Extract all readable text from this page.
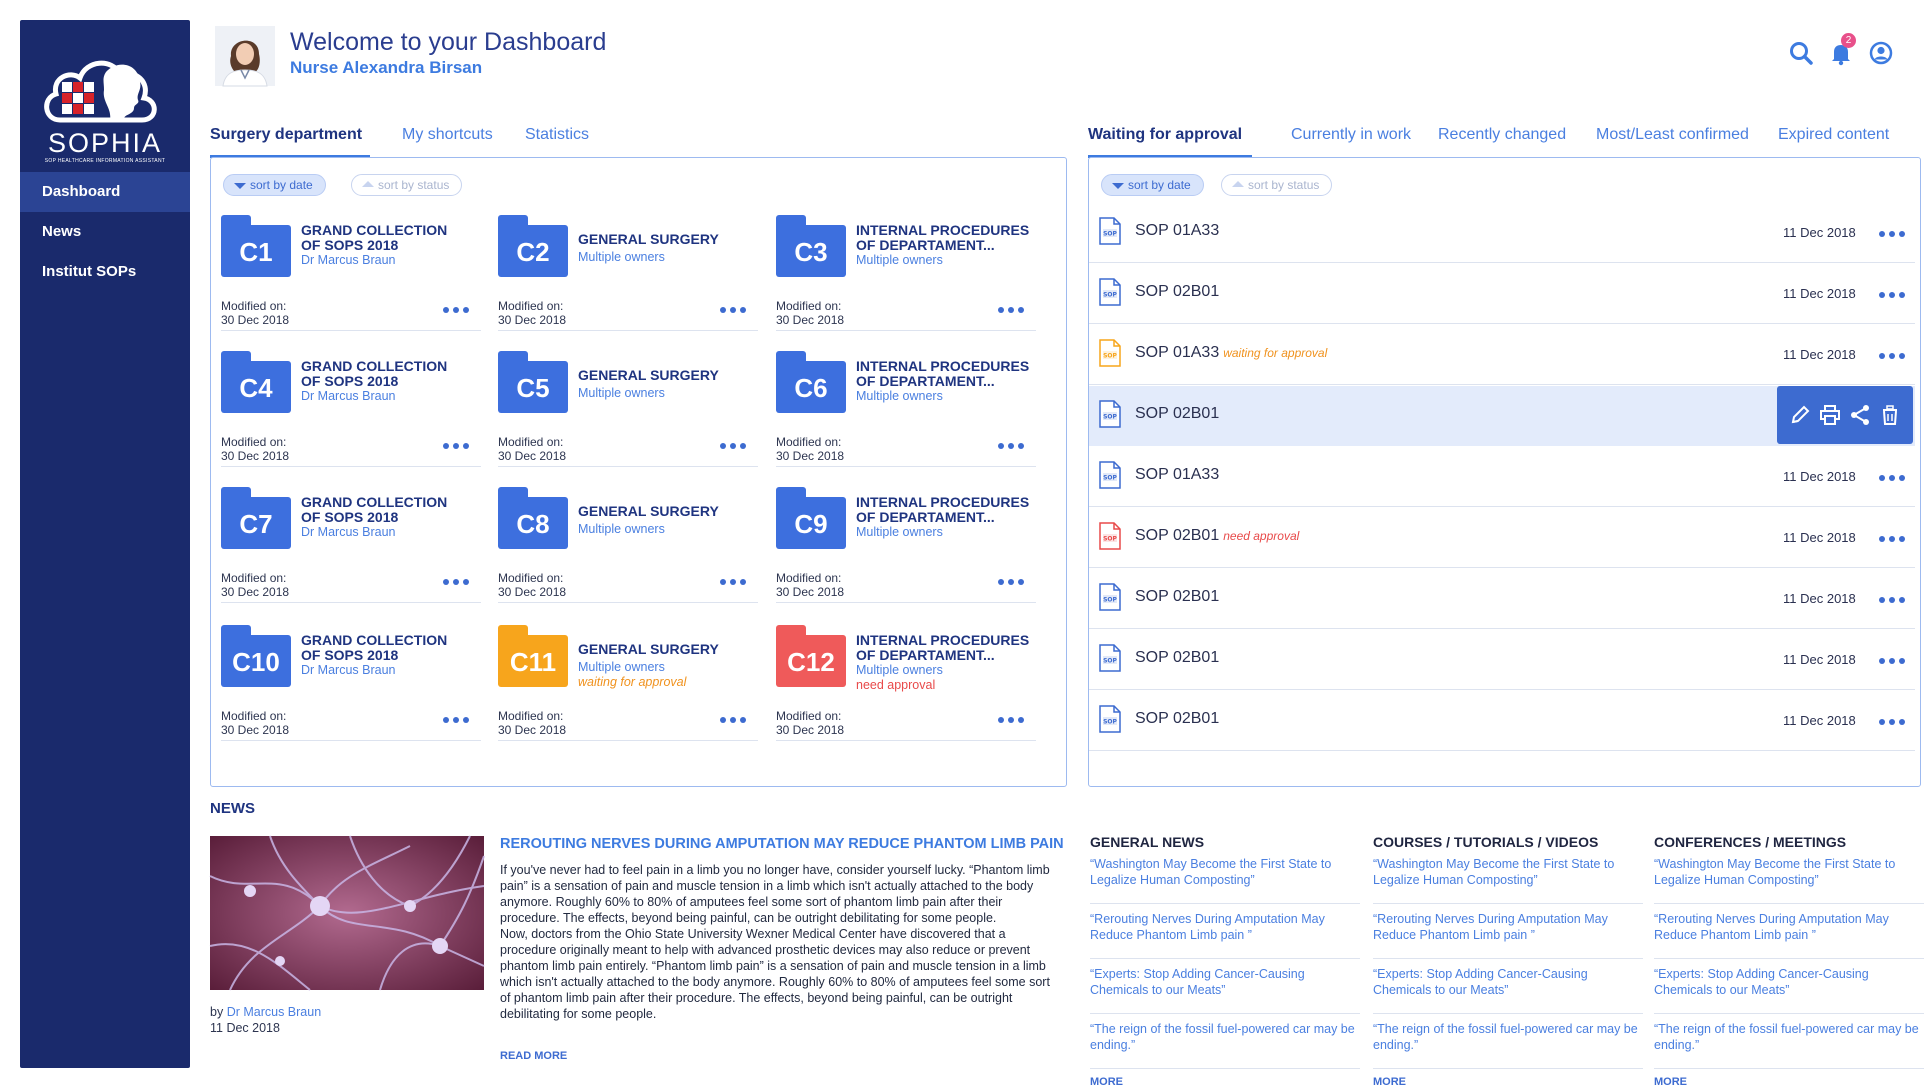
SOPHIA
SOP HEALTHCARE INFORMATION ASSISTANT
Dashboard
News
Institut SOPs
Welcome to your Dashboard
Nurse Alexandra Birsan
2
Surgery department My shortcuts Statistics	Waiting for approval	Currently in work Recently changed Most/Least confirmed Expired content
sort by date	sort by status
C1
GRAND COLLECTION
OF SOPS 2018
Dr Marcus Braun
Modified on:
30 Dec 2018
C2	GENERAL SURGERY
Multiple owners
Modified on:
30 Dec 2018
C3
INTERNAL PROCEDURES
OF DEPARTAMENT...
Multiple owners
Modified on:
30 Dec 2018
C4
GRAND COLLECTION
OF SOPS 2018
Dr Marcus Braun
Modified on:
30 Dec 2018
C5	GENERAL SURGERY
Multiple owners
Modified on:
30 Dec 2018
C6
INTERNAL PROCEDURES
OF DEPARTAMENT...
Multiple owners
Modified on:
30 Dec 2018
C7
GRAND COLLECTION
OF SOPS 2018
Dr Marcus Braun
Modified on:
30 Dec 2018
C8	GENERAL SURGERY
Multiple owners
Modified on:
30 Dec 2018
C9
INTERNAL PROCEDURES
OF DEPARTAMENT...
Multiple owners
Modified on:
30 Dec 2018
C10
GRAND COLLECTION
OF SOPS 2018
Dr Marcus Braun
Modified on:
30 Dec 2018
C11	GENERAL SURGERY
Multiple owners
waiting for approval
Modified on:
30 Dec 2018
C12
INTERNAL PROCEDURES
OF DEPARTAMENT...
Multiple owners
need approval
Modified on:
30 Dec 2018
sort by date	sort by status
SOP SOP 01A33	11 Dec 2018
SOP SOP 02B01	11 Dec 2018
SOP SOP 01A33 waiting for approval	11 Dec 2018
SOP SOP 02B01
SOP SOP 01A33	11 Dec 2018
SOP SOP 02B01 need approval	11 Dec 2018
SOP SOP 02B01	11 Dec 2018
SOP SOP 02B01	11 Dec 2018
SOP SOP 02B01	11 Dec 2018
NEWS
by Dr Marcus Braun
11 Dec 2018
REROUTING NERVES DURING AMPUTATION MAY REDUCE PHANTOM LIMB PAIN

If you've never had to feel pain in a limb you no longer have, consider yourself lucky. “Phantom limb pain” is a sensation of pain and muscle tension in a limb which isn't actually attached to the body anymore. Roughly 60% to 80% of amputees feel some sort of phantom limb pain after their procedure. The effects, beyond being painful, can be outright debilitating for some people.

Now, doctors from the Ohio State University Wexner Medical Center have discovered that a procedure originally meant to help with advanced prosthetic devices may also reduce or prevent phantom limb pain entirely. “Phantom limb pain” is a sensation of pain and muscle tension in a limb which isn't actually attached to the body anymore. Roughly 60% to 80% of amputees feel some sort of phantom limb pain after their procedure. The effects, beyond being painful, can be outright debilitating for some people.

READ MORE
GENERAL NEWS
“Washington May Become the First State to Legalize Human Composting”
“Rerouting Nerves During Amputation May Reduce Phantom Limb pain ”
“Experts: Stop Adding Cancer-Causing Chemicals to our Meats”
“The reign of the fossil fuel-powered car may be ending.”
MORE
COURSES / TUTORIALS / VIDEOS
“Washington May Become the First State to Legalize Human Composting”
“Rerouting Nerves During Amputation May Reduce Phantom Limb pain ”
“Experts: Stop Adding Cancer-Causing Chemicals to our Meats”
“The reign of the fossil fuel-powered car may be ending.”
MORE
CONFERENCES / MEETINGS
“Washington May Become the First State to Legalize Human Composting”
“Rerouting Nerves During Amputation May Reduce Phantom Limb pain ”
“Experts: Stop Adding Cancer-Causing Chemicals to our Meats”
“The reign of the fossil fuel-powered car may be ending.”
MORE
